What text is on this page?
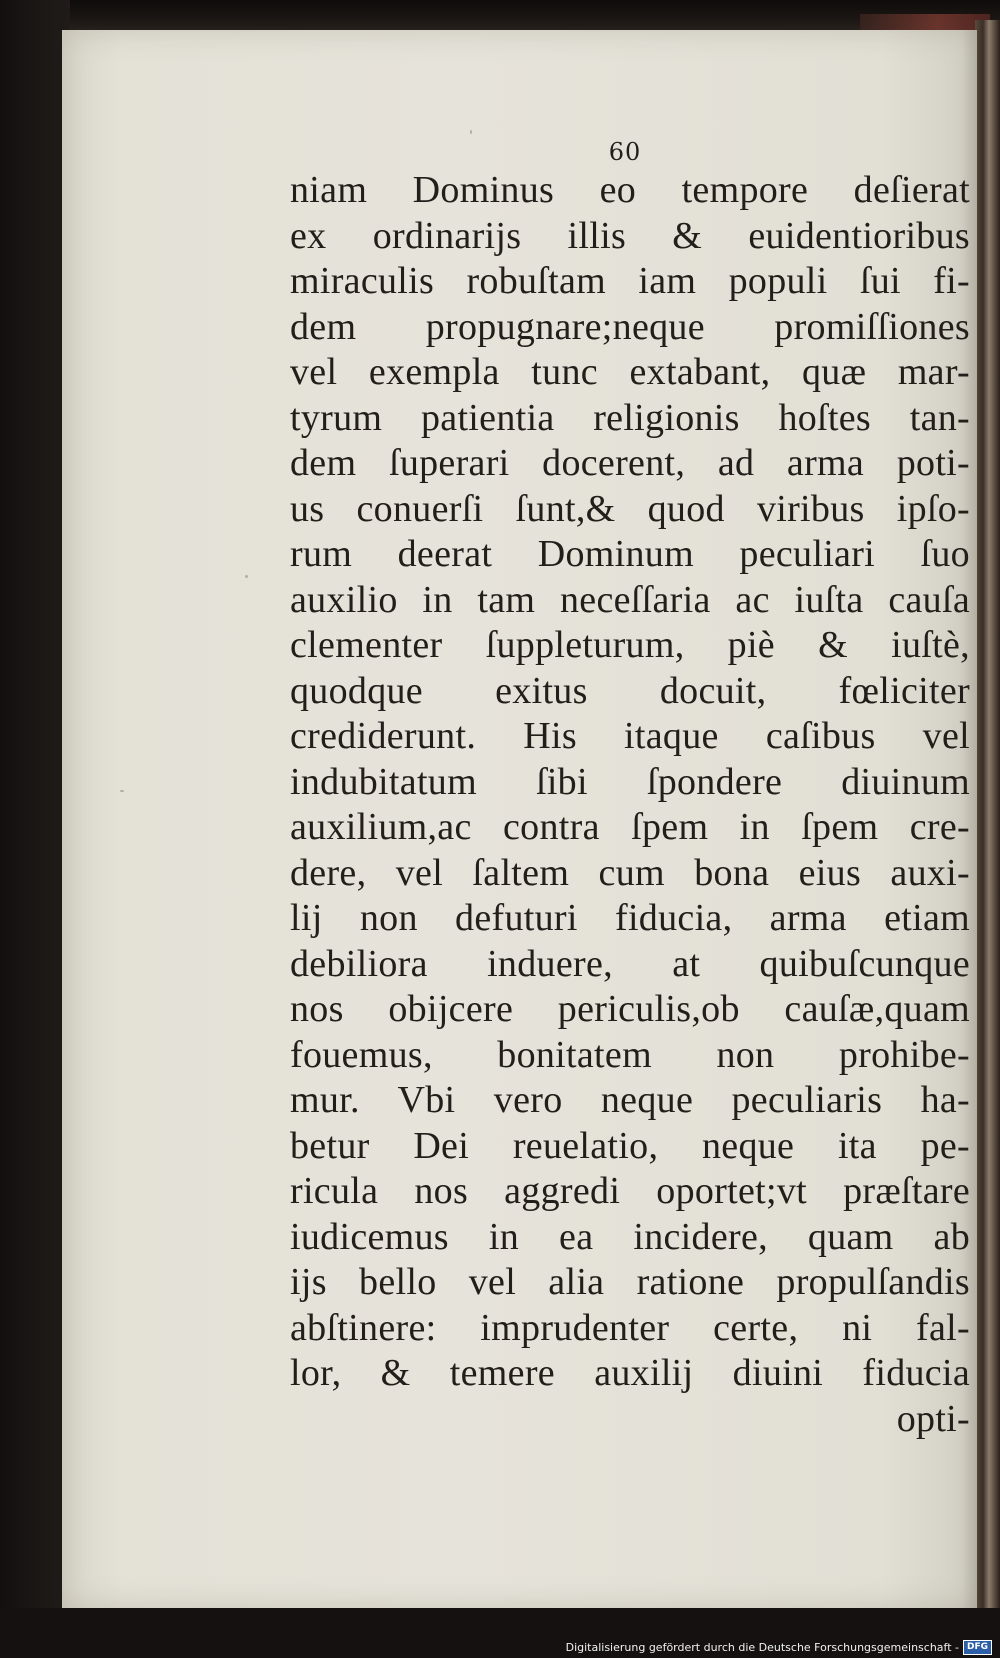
60
niam Dominus eo tempore deſierat
ex ordinarijs illis & euidentioribus
miraculis robuſtam iam populi ſui fi-
dem propugnare;neque promiſſiones
vel exempla tunc extabant, quæ mar-
tyrum patientia religionis hoſtes tan-
dem ſuperari docerent, ad arma poti-
us conuerſi ſunt,& quod viribus ipſo-
rum deerat Dominum peculiari ſuo
auxilio in tam neceſſaria ac iuſta cauſa
clementer ſuppleturum, piè & iuſtè,
quodque exitus docuit, fœliciter
crediderunt. His itaque caſibus vel
indubitatum ſibi ſpondere diuinum
auxilium,ac contra ſpem in ſpem cre-
dere, vel ſaltem cum bona eius auxi-
lij non defuturi fiducia, arma etiam
debiliora induere, at quibuſcunque
nos obijcere periculis,ob cauſæ,quam
fouemus, bonitatem non prohibe-
mur. Vbi vero neque peculiaris ha-
betur Dei reuelatio, neque ita pe-
ricula nos aggredi oportet;vt præſtare
iudicemus in ea incidere, quam ab
ijs bello vel alia ratione propulſandis
abſtinere: imprudenter certe, ni fal-
lor, & temere auxilij diuini fiducia
opti-
Digitalisierung gefördert durch die Deutsche Forschungsgemeinschaft - DFG
